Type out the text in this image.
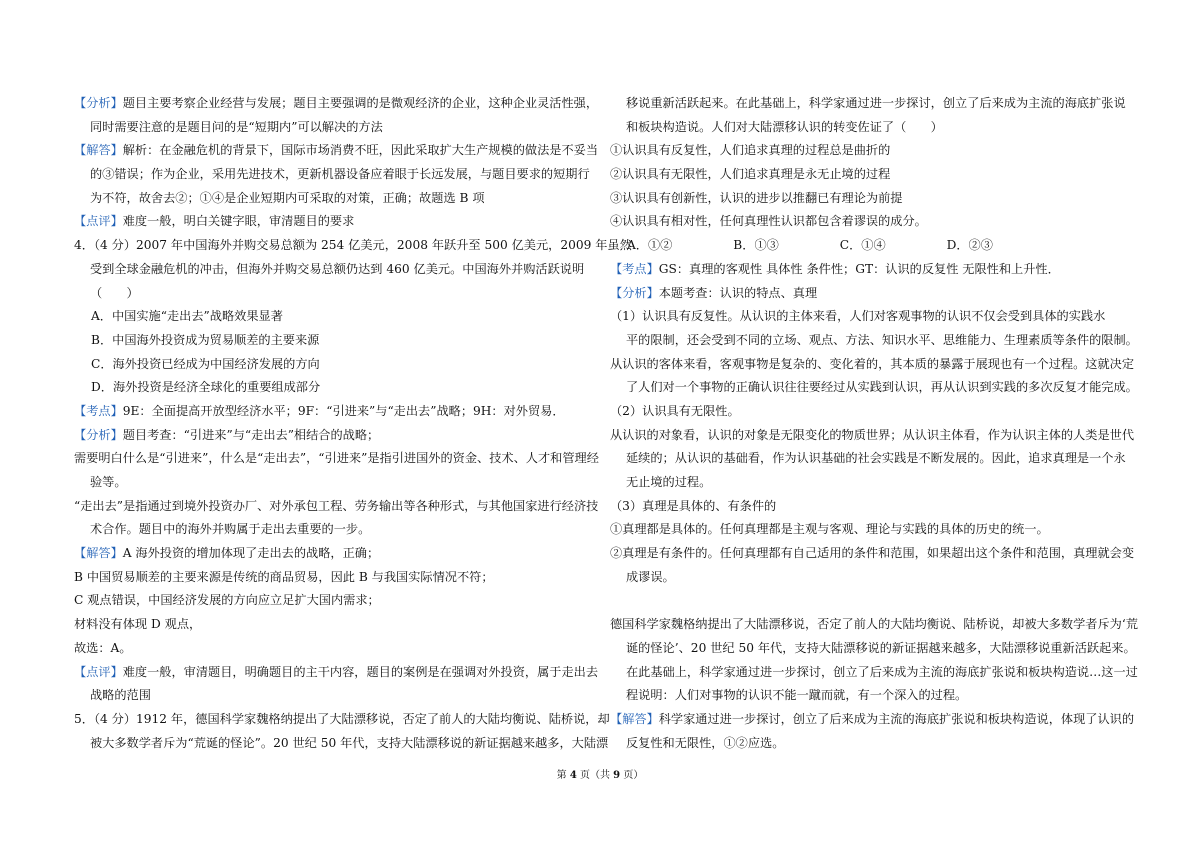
【 分析 】 题目主要考察企业经营与发展；题目主要强调的是微观经济的企业，这种企业灵活性强，
同时需要注意的是题目问的是“短期内”可以解决的方法
【 解答 】 解析：在金融危机的背景下，国际市场消费不旺，因此采取扩大生产规模的做法是不妥当
的③错误；作为企业，采用先进技术，更新机器设备应着眼于长远发展，与题目要求的短期行
为不符，故舍去②；①④是企业短期内可采取的对策，正确；故题选 B 项
【 点评 】 难度一般，明白关键字眼，审清题目的要求
4．（4 分）2007 年中国海外并购交易总额为 254 亿美元，2008 年跃升至 500 亿美元，2009 年虽然
受到全球金融危机的冲击，但海外并购交易总额仍达到 460 亿美元。中国海外并购活跃说明
（　　）
A．中国实施“走出去”战略效果显著
B．中国海外投资成为贸易顺差的主要来源
C．海外投资已经成为中国经济发展的方向
D．海外投资是经济全球化的重要组成部分
【 考点 】 9E：全面提高开放型经济水平；9F：“引进来”与“走出去”战略；9H：对外贸易．
【 分析 】 题目考查：“引进来”与“走出去”相结合的战略；
需要明白什么是“引进来”，什么是“走出去”，“引进来”是指引进国外的资金、技术、人才和管理经
验等。
“走出去”是指通过到境外投资办厂、对外承包工程、劳务输出等各种形式，与其他国家进行经济技
术合作。题目中的海外并购属于走出去重要的一步。
【 解答 】 A 海外投资的增加体现了走出去的战略，正确；
B 中国贸易顺差的主要来源是传统的商品贸易，因此 B 与我国实际情况不符；
C 观点错误，中国经济发展的方向应立足扩大国内需求；
材料没有体现 D 观点，
故选：A。
【 点评 】 难度一般，审清题目，明确题目的主干内容，题目的案例是在强调对外投资，属于走出去
战略的范围
5．（4 分）1912 年，德国科学家魏格纳提出了大陆漂移说，否定了前人的大陆均衡说、陆桥说，却
被大多数学者斥为“荒诞的怪论”。20 世纪 50 年代，支持大陆漂移说的新证据越来越多，大陆漂
移说重新活跃起来。在此基础上，科学家通过进一步探讨，创立了后来成为主流的海底扩张说
和板块构造说。人们对大陆漂移认识的转变佐证了（　　）
①认识具有反复性，人们追求真理的过程总是曲折的
②认识具有无限性，人们追求真理是永无止境的过程
③认识具有创新性，认识的进步以推翻已有理论为前提
④认识具有相对性，任何真理性认识都包含着谬误的成分。
A．①②　　　　　B．①③　　　　　C．①④　　　　　D．②③
【 考点 】 GS：真理的客观性 具体性 条件性；GT：认识的反复性 无限性和上升性．
【 分析 】 本题考查：认识的特点、真理
（1）认识具有反复性。从认识的主体来看，人们对客观事物的认识不仅会受到具体的实践水
平的限制，还会受到不同的立场、观点、方法、知识水平、思维能力、生理素质等条件的限制。
从认识的客体来看，客观事物是复杂的、变化着的，其本质的暴露于展现也有一个过程。这就决定
了人们对一个事物的正确认识往往要经过从实践到认识，再从认识到实践的多次反复才能完成。
（2）认识具有无限性。
从认识的对象看，认识的对象是无限变化的物质世界；从认识主体看，作为认识主体的人类是世代
延续的；从认识的基础看，作为认识基础的社会实践是不断发展的。因此，追求真理是一个永
无止境的过程。
（3）真理是具体的、有条件的
①真理都是具体的。任何真理都是主观与客观、理论与实践的具体的历史的统一。
②真理是有条件的。任何真理都有自己适用的条件和范围，如果超出这个条件和范围，真理就会变
成谬误。
德国科学家魏格纳提出了大陆漂移说，否定了前人的大陆均衡说、陆桥说，却被大多数学者斥为‘荒
诞的怪论’、20 世纪 50 年代，支持大陆漂移说的新证据越来越多，大陆漂移说重新活跃起来。
在此基础上，科学家通过进一步探讨，创立了后来成为主流的海底扩张说和板块构造说…这一过
程说明：人们对事物的认识不能一蹴而就，有一个深入的过程。
【 解答 】 科学家通过进一步探讨，创立了后来成为主流的海底扩张说和板块构造说，体现了认识的
反复性和无限性，①②应选。
第 4 页（共 9 页）
